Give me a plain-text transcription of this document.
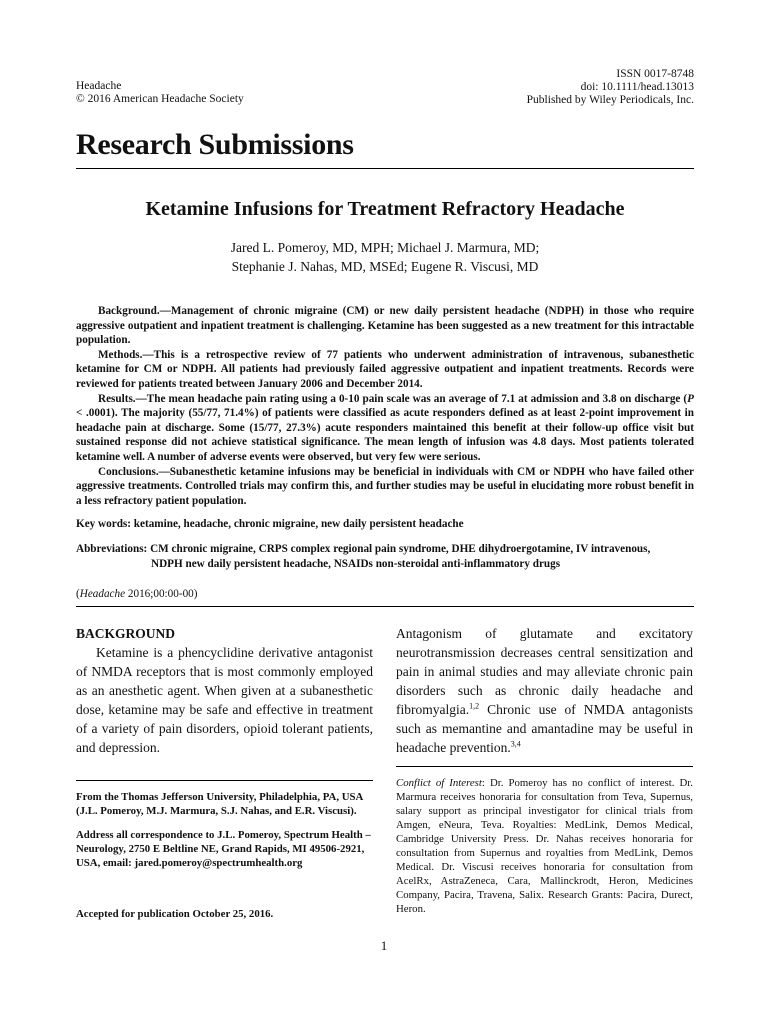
Headache
© 2016 American Headache Society
ISSN 0017-8748
doi: 10.1111/head.13013
Published by Wiley Periodicals, Inc.
Research Submissions
Ketamine Infusions for Treatment Refractory Headache
Jared L. Pomeroy, MD, MPH; Michael J. Marmura, MD;
Stephanie J. Nahas, MD, MSEd; Eugene R. Viscusi, MD

Background.—Management of chronic migraine (CM) or new daily persistent headache (NDPH) in those who require aggressive outpatient and inpatient treatment is challenging. Ketamine has been suggested as a new treatment for this intractable population.

Methods.—This is a retrospective review of 77 patients who underwent administration of intravenous, subanesthetic ketamine for CM or NDPH. All patients had previously failed aggressive outpatient and inpatient treatments. Records were reviewed for patients treated between January 2006 and December 2014.

Results.—The mean headache pain rating using a 0-10 pain scale was an average of 7.1 at admission and 3.8 on discharge (P < .0001). The majority (55/77, 71.4%) of patients were classified as acute responders defined as at least 2-point improvement in headache pain at discharge. Some (15/77, 27.3%) acute responders maintained this benefit at their follow-up office visit but sustained response did not achieve statistical significance. The mean length of infusion was 4.8 days. Most patients tolerated ketamine well. A number of adverse events were observed, but very few were serious.

Conclusions.—Subanesthetic ketamine infusions may be beneficial in individuals with CM or NDPH who have failed other aggressive treatments. Controlled trials may confirm this, and further studies may be useful in elucidating more robust benefit in a less refractory patient population.

Key words: ketamine, headache, chronic migraine, new daily persistent headache
Abbreviations: CM chronic migraine, CRPS complex regional pain syndrome, DHE dihydroergotamine, IV intravenous,
NDPH new daily persistent headache, NSAIDs non-steroidal anti-inflammatory drugs
(Headache 2016;00:00-00)
BACKGROUND

Ketamine is a phencyclidine derivative antagonist of NMDA receptors that is most commonly employed as an anesthetic agent. When given at a subanesthetic dose, ketamine may be safe and effective in treatment of a variety of pain disorders, opioid tolerant patients, and depression.

Antagonism of glutamate and excitatory neurotransmission decreases central sensitization and pain in animal studies and may alleviate chronic pain disorders such as chronic daily headache and fibromyalgia.$^{1,2}$ Chronic use of NMDA antagonists such as memantine and amantadine may be useful in headache prevention.$^{3,4}$

From the Thomas Jefferson University, Philadelphia, PA, USA (J.L. Pomeroy, M.J. Marmura, S.J. Nahas, and E.R. Viscusi).

Address all correspondence to J.L. Pomeroy, Spectrum Health – Neurology, 2750 E Beltline NE, Grand Rapids, MI 49506-2921, USA, email: jared.pomeroy@spectrumhealth.org

Accepted for publication October 25, 2016.
Conflict of Interest: Dr. Pomeroy has no conflict of interest. Dr. Marmura receives honoraria for consultation from Teva, Supernus, salary support as principal investigator for clinical trials from Amgen, eNeura, Teva. Royalties: MedLink, Demos Medical, Cambridge University Press. Dr. Nahas receives honoraria for consultation from Supernus and royalties from MedLink, Demos Medical. Dr. Viscusi receives honoraria for consultation from AcelRx, AstraZeneca, Cara, Mallinckrodt, Heron, Medicines Company, Pacira, Travena, Salix. Research Grants: Pacira, Durect, Heron.
1
